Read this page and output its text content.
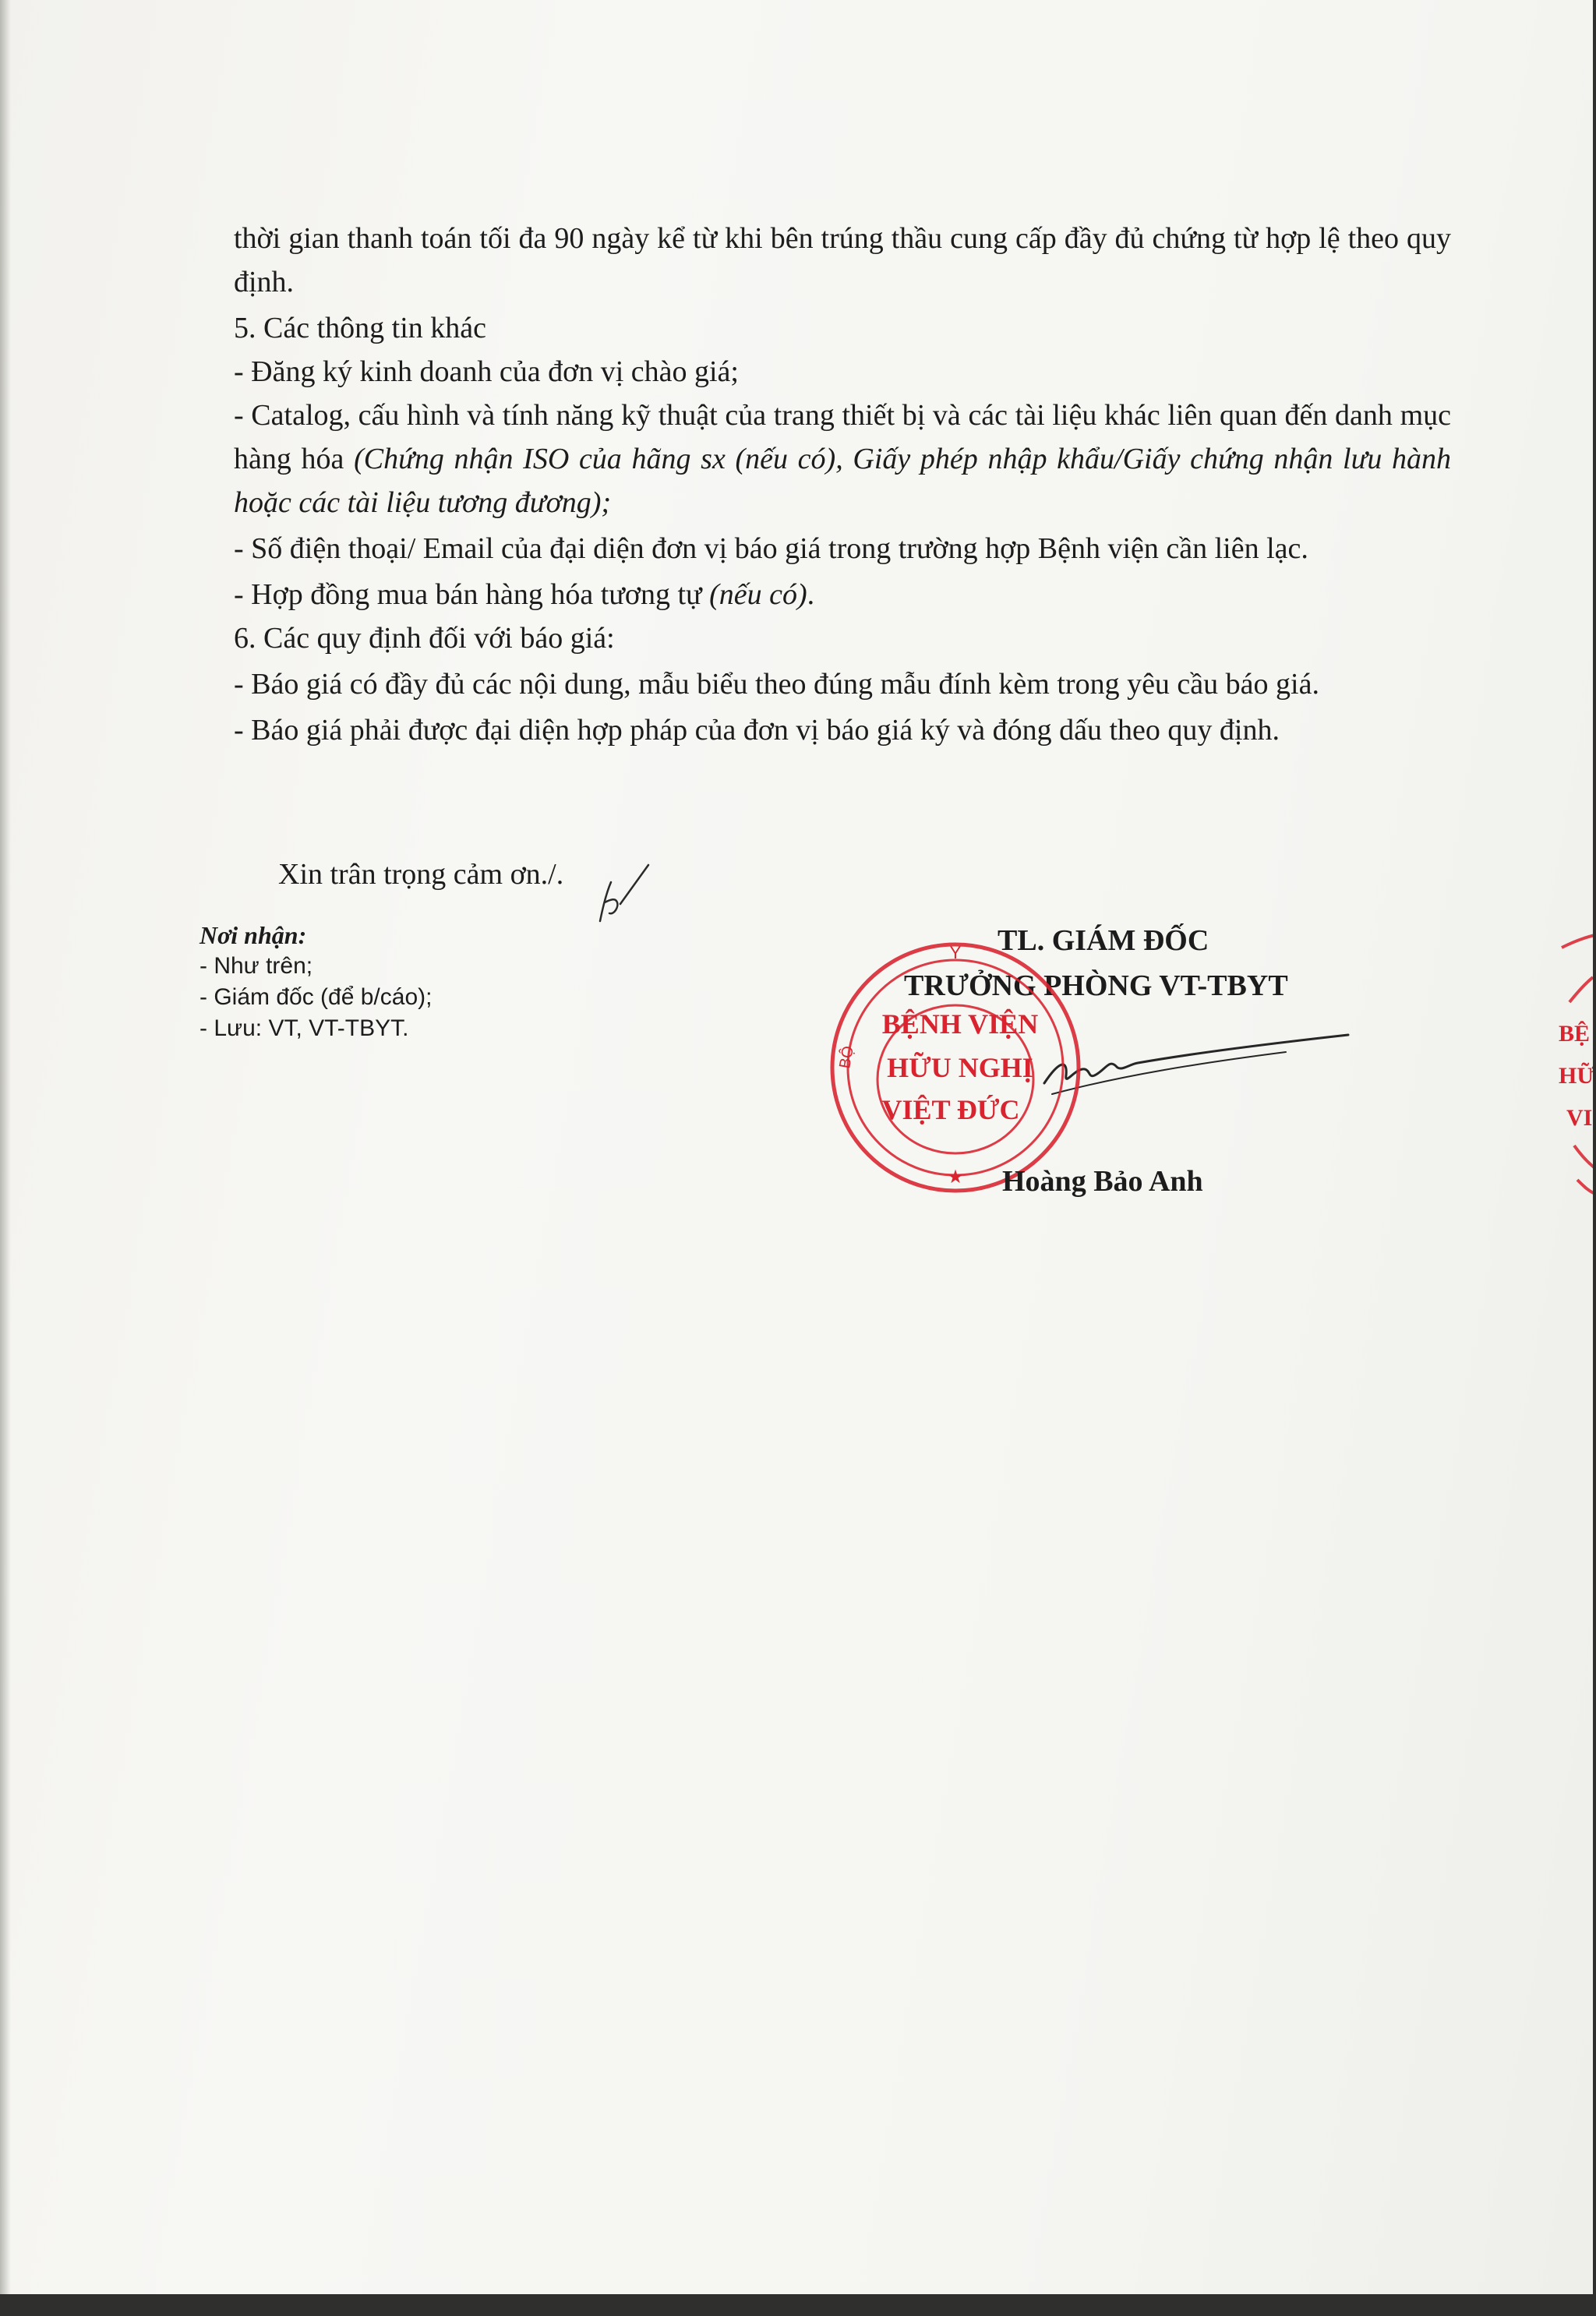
thời gian thanh toán tối đa 90 ngày kể từ khi bên trúng thầu cung cấp đầy đủ chứng từ hợp lệ theo quy định.

5. Các thông tin khác

- Đăng ký kinh doanh của đơn vị chào giá;

- Catalog, cấu hình và tính năng kỹ thuật của trang thiết bị và các tài liệu khác liên quan đến danh mục hàng hóa (Chứng nhận ISO của hãng sx (nếu có), Giấy phép nhập khẩu/Giấy chứng nhận lưu hành hoặc các tài liệu tương đương);

- Số điện thoại/ Email của đại diện đơn vị báo giá trong trường hợp Bệnh viện cần liên lạc.

- Hợp đồng mua bán hàng hóa tương tự (nếu có).

6. Các quy định đối với báo giá:

- Báo giá có đầy đủ các nội dung, mẫu biểu theo đúng mẫu đính kèm trong yêu cầu báo giá.

- Báo giá phải được đại diện hợp pháp của đơn vị báo giá ký và đóng dấu theo quy định.

Xin trân trọng cảm ơn./.
Nơi nhận:
- Như trên;
- Giám đốc (để b/cáo);
- Lưu: VT, VT-TBYT.
TL. GIÁM ĐỐC
TRƯỞNG PHÒNG VT-TBYT
Y
BỘ
BỆNH VIỆN
HỮU NGHỊ
VIỆT ĐỨC
★ Hoàng Bảo Anh
BỆ
HỮ
VI
